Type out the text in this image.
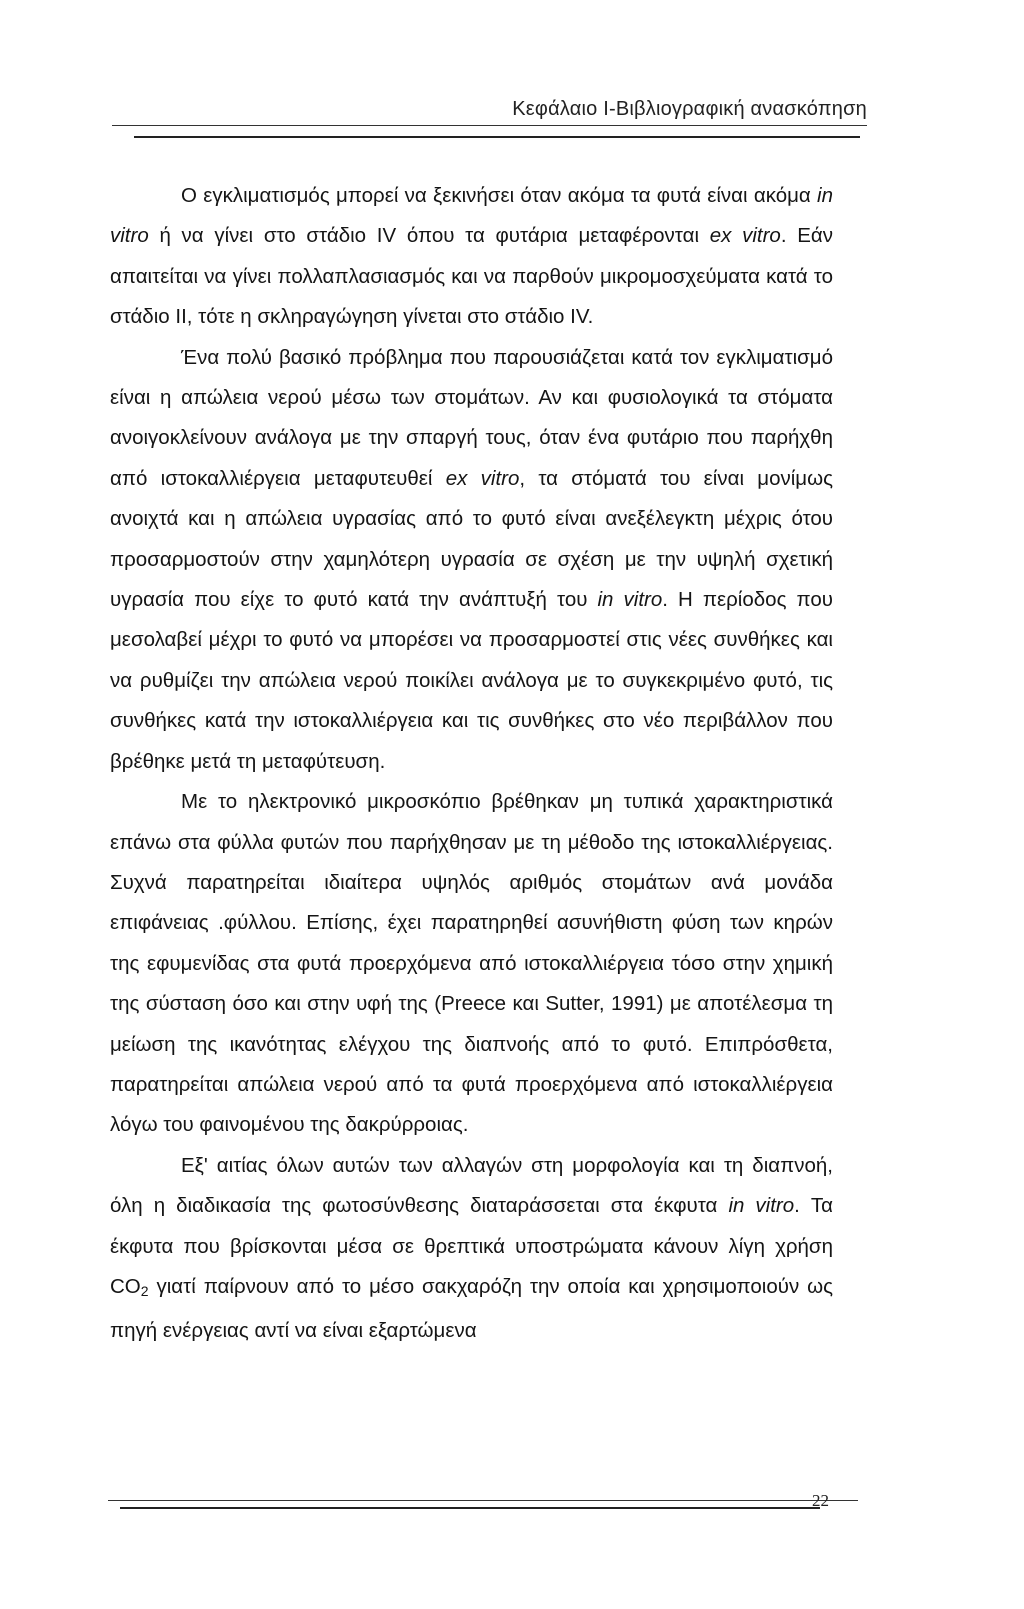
Κεφάλαιο Ι-Βιβλιογραφική ανασκόπηση

Ο εγκλιματισμός μπορεί να ξεκινήσει όταν ακόμα τα φυτά είναι ακόμα in vitro ή να γίνει στο στάδιο IV όπου τα φυτάρια μεταφέρονται ex vitro. Εάν απαιτείται να γίνει πολλαπλασιασμός και να παρθούν μικρομοσχεύματα κατά το στάδιο II, τότε η σκληραγώγηση γίνεται στο στάδιο IV.

Ένα πολύ βασικό πρόβλημα που παρουσιάζεται κατά τον εγκλιματισμό είναι η απώλεια νερού μέσω των στομάτων. Αν και φυσιολογικά τα στόματα ανοιγοκλείνουν ανάλογα με την σπαργή τους, όταν ένα φυτάριο που παρήχθη από ιστοκαλλιέργεια μεταφυτευθεί ex vitro, τα στόματά του είναι μονίμως ανοιχτά και η απώλεια υγρασίας από το φυτό είναι ανεξέλεγκτη μέχρις ότου προσαρμοστούν στην χαμηλότερη υγρασία σε σχέση με την υψηλή σχετική υγρασία που είχε το φυτό κατά την ανάπτυξή του in vitro. Η περίοδος που μεσολαβεί μέχρι το φυτό να μπορέσει να προσαρμοστεί στις νέες συνθήκες και να ρυθμίζει την απώλεια νερού ποικίλει ανάλογα με το συγκεκριμένο φυτό, τις συνθήκες κατά την ιστοκαλλιέργεια και τις συνθήκες στο νέο περιβάλλον που βρέθηκε μετά τη μεταφύτευση.

Με το ηλεκτρονικό μικροσκόπιο βρέθηκαν μη τυπικά χαρακτηριστικά επάνω στα φύλλα φυτών που παρήχθησαν με τη μέθοδο της ιστοκαλλιέργειας. Συχνά παρατηρείται ιδιαίτερα υψηλός αριθμός στομάτων ανά μονάδα επιφάνειας .φύλλου. Επίσης, έχει παρατηρηθεί ασυνήθιστη φύση των κηρών της εφυμενίδας στα φυτά προερχόμενα από ιστοκαλλιέργεια τόσο στην χημική της σύσταση όσο και στην υφή της (Preece και Sutter, 1991) με αποτέλεσμα τη μείωση της ικανότητας ελέγχου της διαπνοής από το φυτό. Επιπρόσθετα, παρατηρείται απώλεια νερού από τα φυτά προερχόμενα από ιστοκαλλιέργεια λόγω του φαινομένου της δακρύρροιας.

Εξ' αιτίας όλων αυτών των αλλαγών στη μορφολογία και τη διαπνοή, όλη η διαδικασία της φωτοσύνθεσης διαταράσσεται στα έκφυτα in vitro. Τα έκφυτα που βρίσκονται μέσα σε θρεπτικά υποστρώματα κάνουν λίγη χρήση $CO_2$ γιατί παίρνουν από το μέσο σακχαρόζη την οποία και χρησιμοποιούν ως πηγή ενέργειας αντί να είναι εξαρτώμενα

22
